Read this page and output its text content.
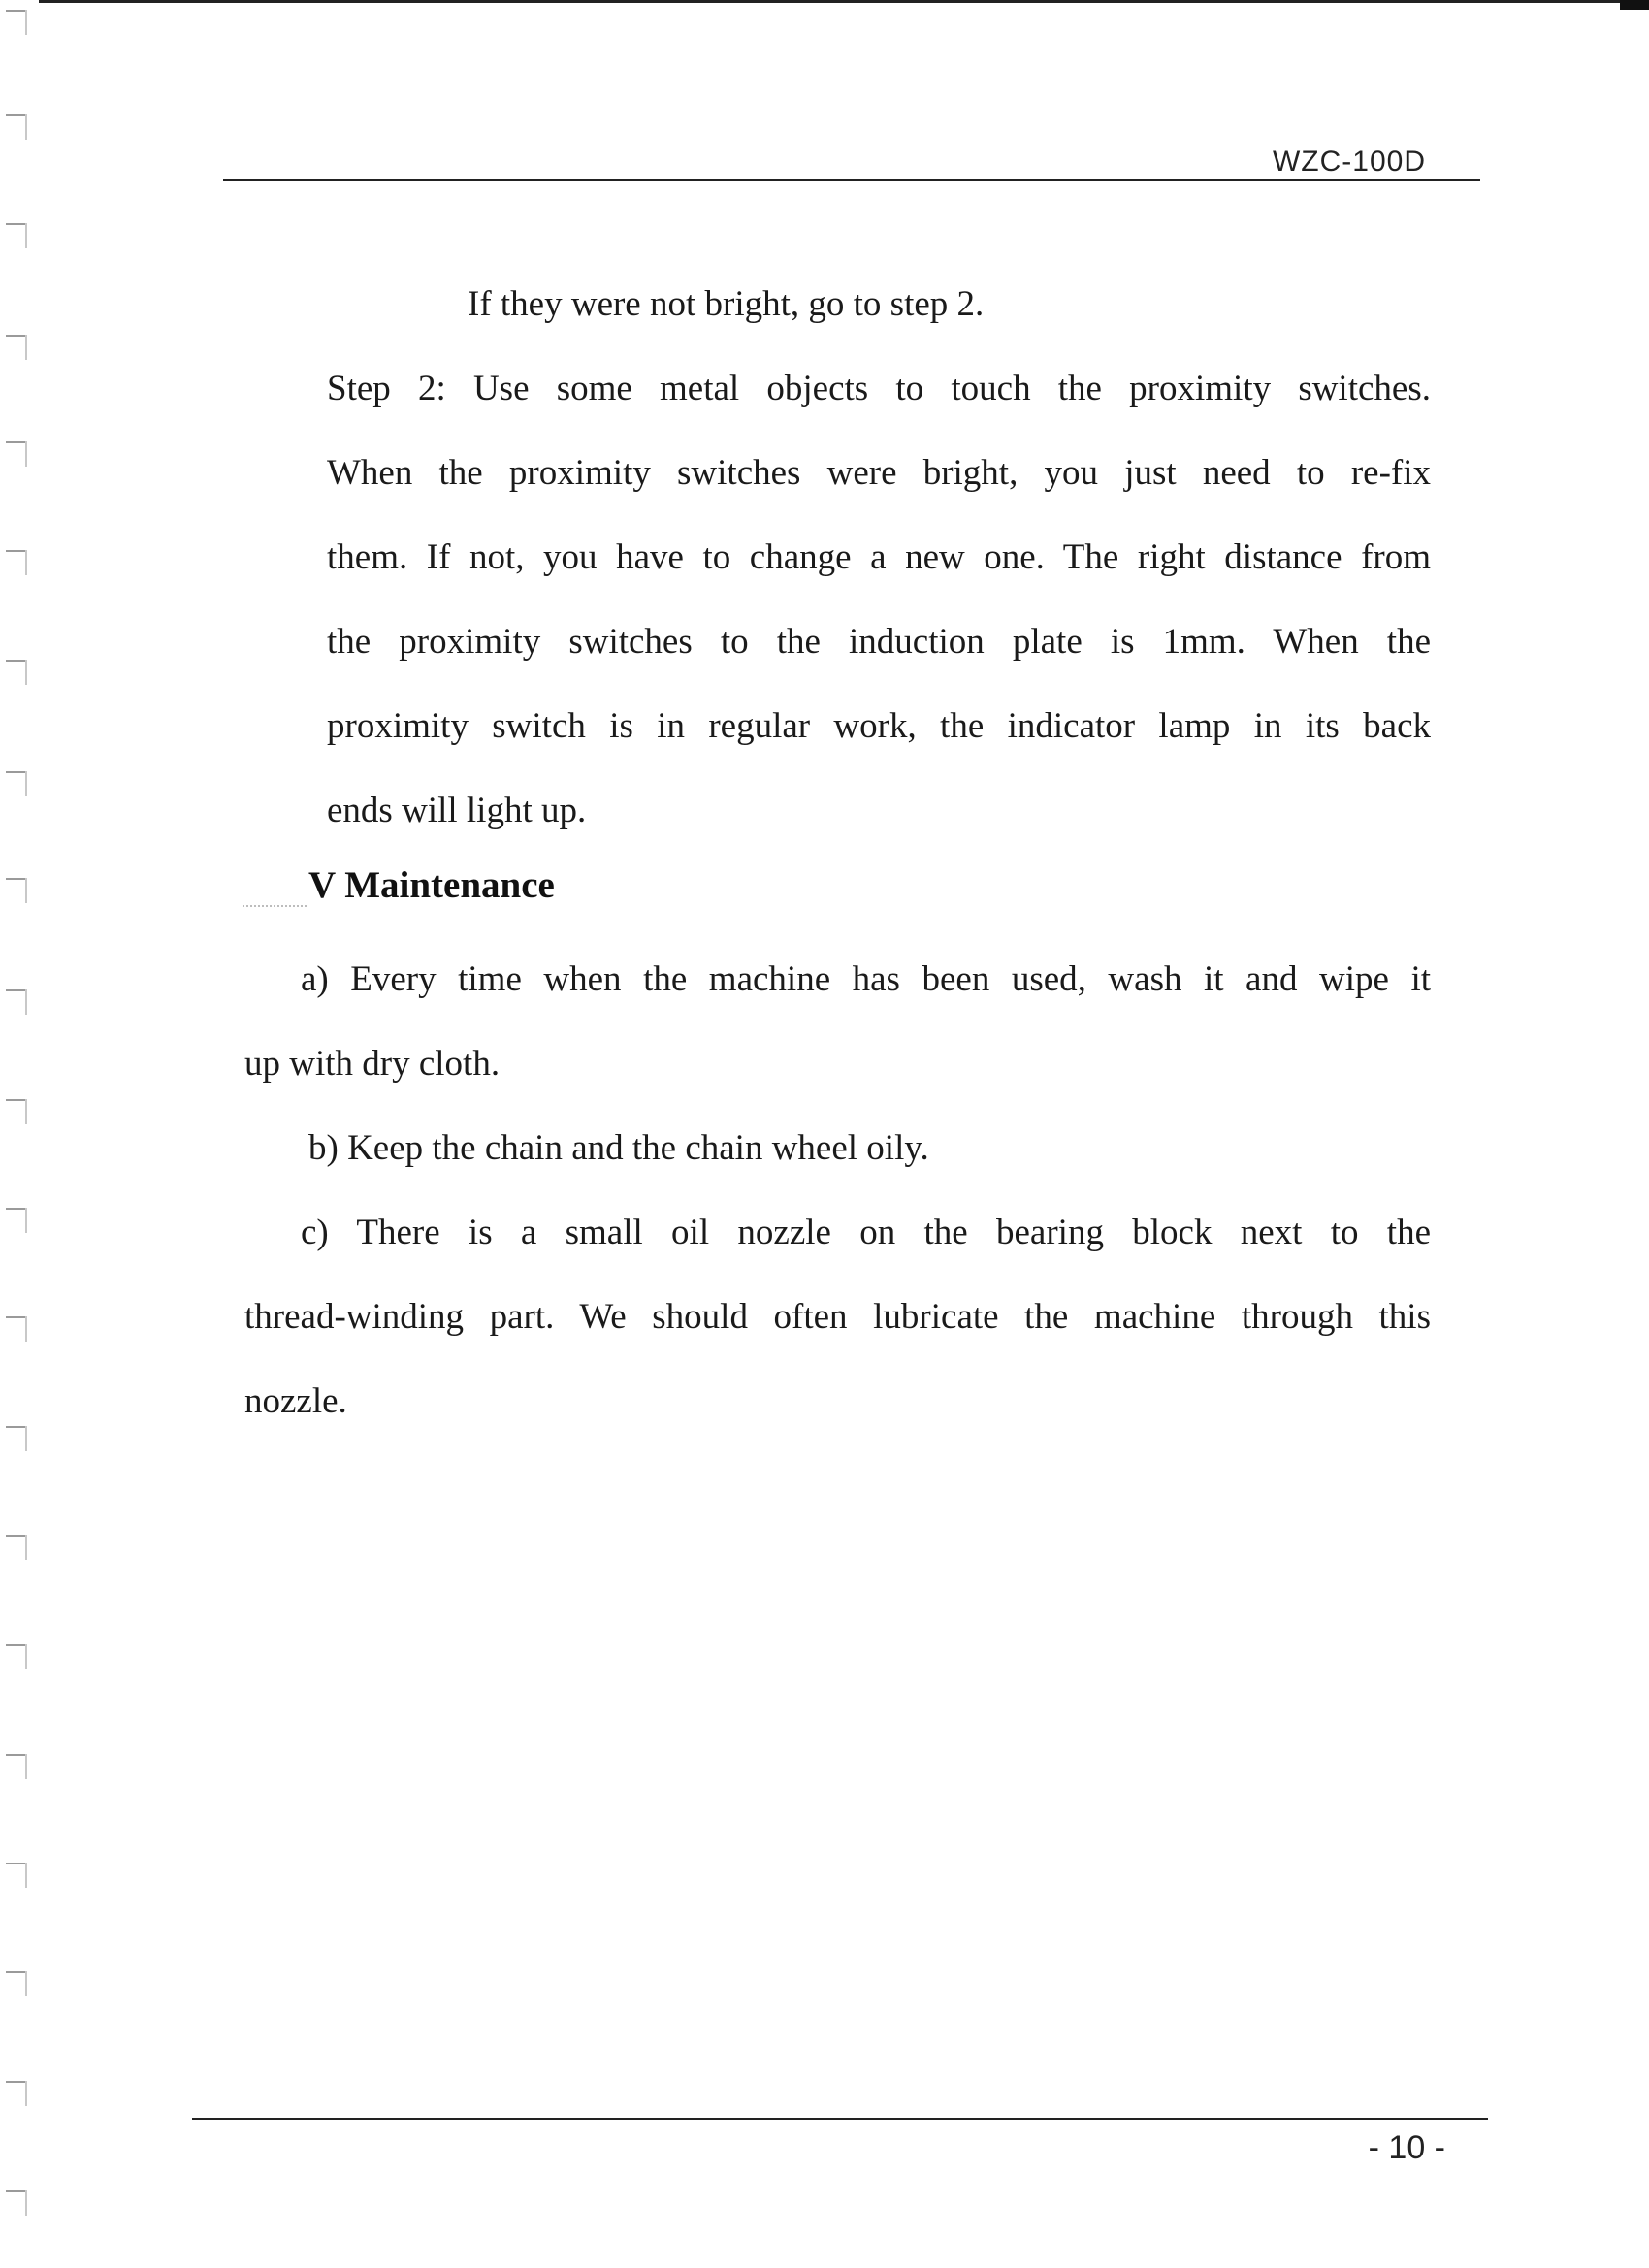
WZC-100D
If they were not bright, go to step 2.
Step 2: Use some metal objects to touch the proximity switches.
When the proximity switches were bright, you just need to re-fix
them. If not, you have to change a new one. The right distance from
the proximity switches to the induction plate is 1mm. When the
proximity switch is in regular work, the indicator lamp in its back
ends will light up.
V Maintenance
a) Every time when the machine has been used, wash it and wipe it
up with dry cloth.
b) Keep the chain and the chain wheel oily.
c) There is a small oil nozzle on the bearing block next to the
thread-winding part. We should often lubricate the machine through this
nozzle.
- 10 -
